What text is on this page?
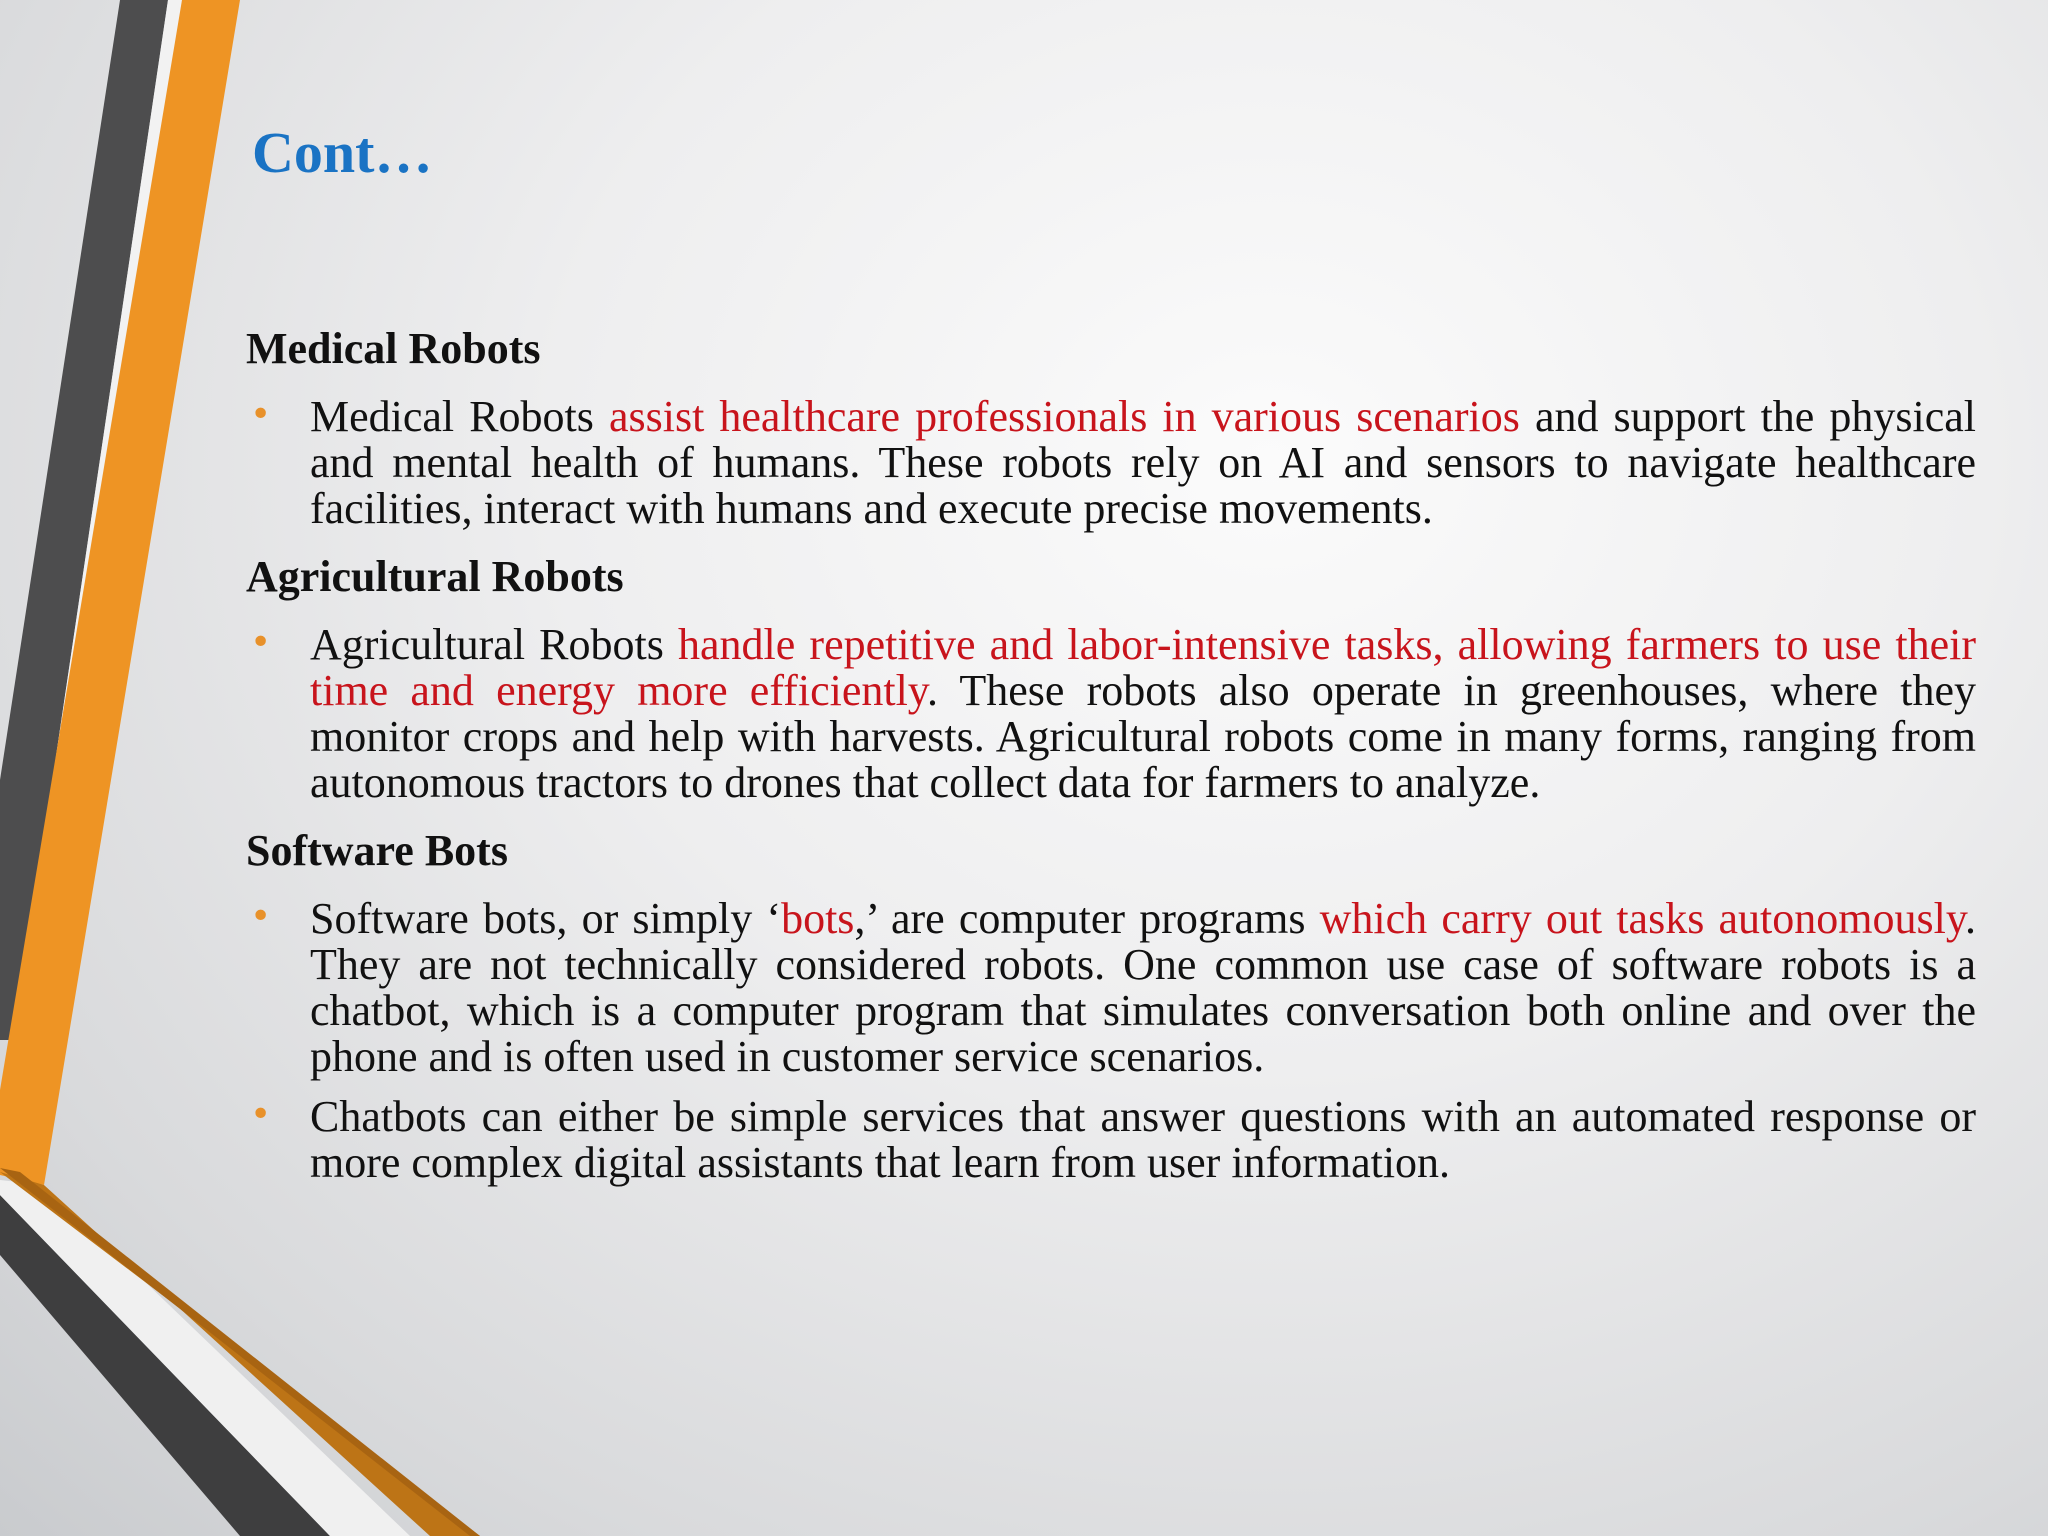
Cont…
Medical Robots

• Medical Robots assist healthcare professionals in various scenarios and support the physical and mental health of humans. These robots rely on AI and sensors to navigate healthcare facilities, interact with humans and execute precise movements.

Agricultural Robots

• Agricultural Robots handle repetitive and labor-intensive tasks, allowing farmers to use their time and energy more efficiently. These robots also operate in greenhouses, where they monitor crops and help with harvests. Agricultural robots come in many forms, ranging from autonomous tractors to drones that collect data for farmers to analyze.

Software Bots

• Software bots, or simply ‘bots,’ are computer programs which carry out tasks autonomously. They are not technically considered robots. One common use case of software robots is a chatbot, which is a computer program that simulates conversation both online and over the phone and is often used in customer service scenarios.

• Chatbots can either be simple services that answer questions with an automated response or more complex digital assistants that learn from user information.
